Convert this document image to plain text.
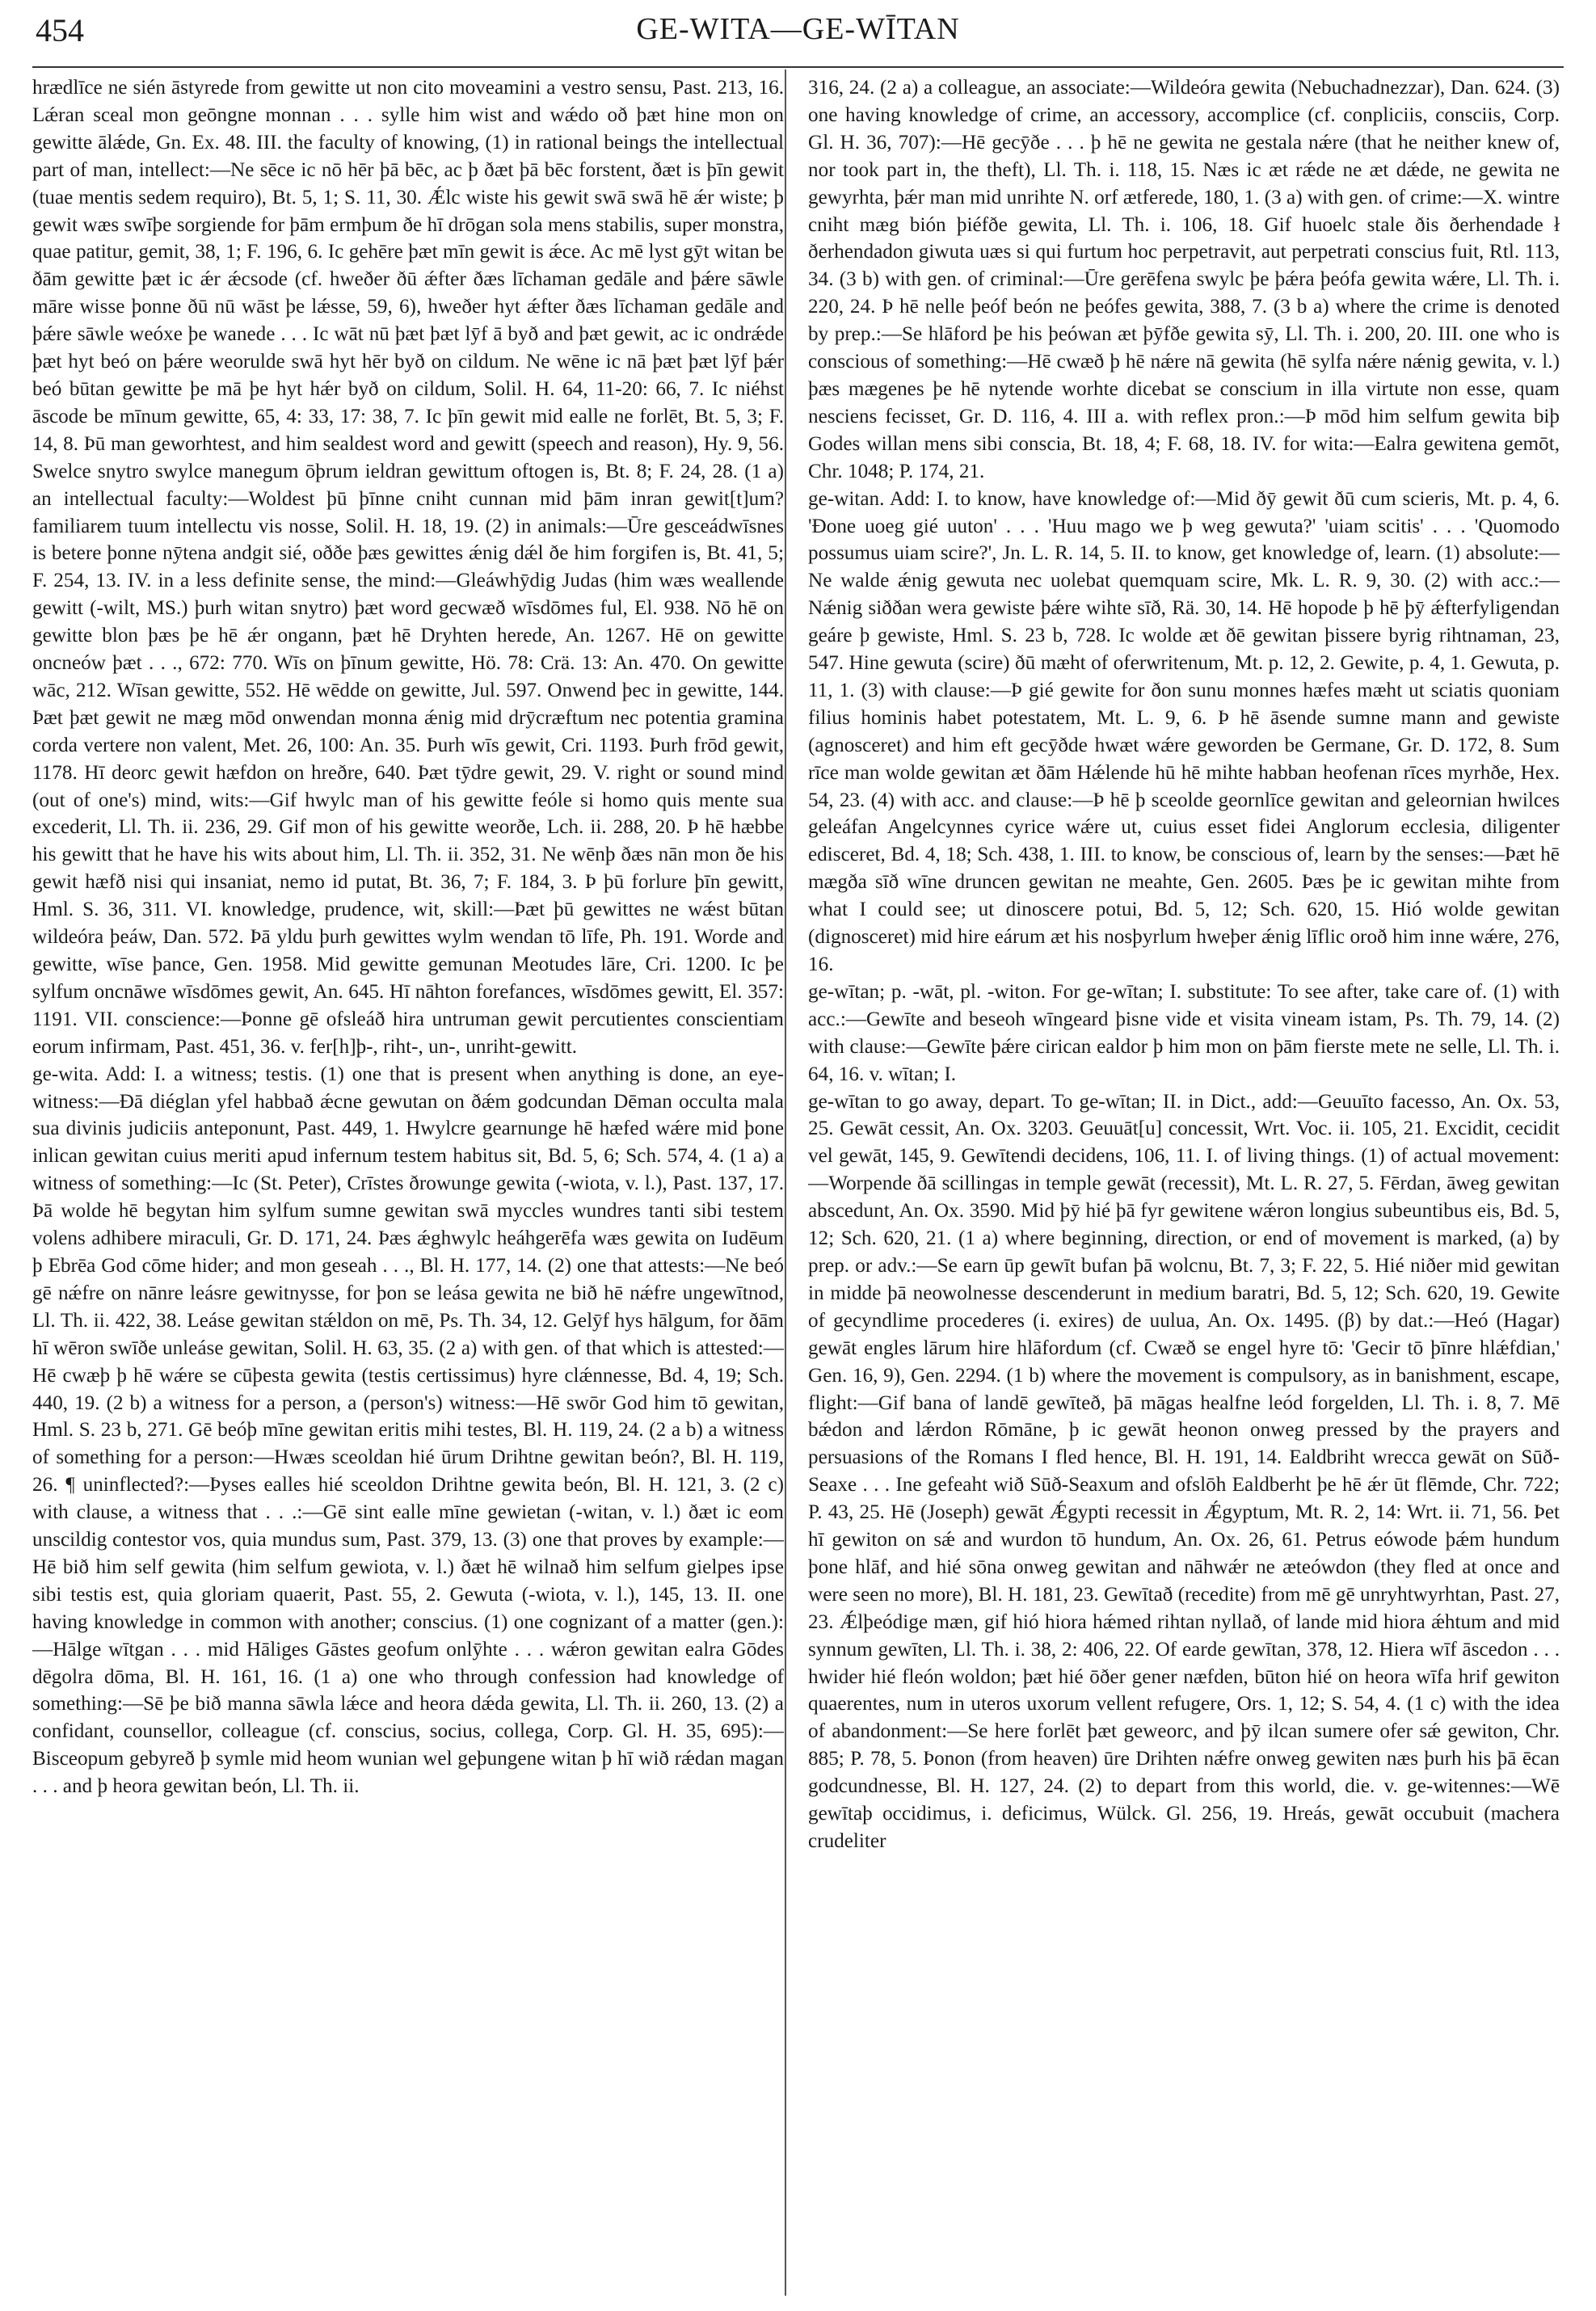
454	GE-WITA—GE-WĪTAN

hrædlīce ne sién āstyrede from gewitte ut non cito moveamini a vestro sensu, Past. 213, 16. Lǽran sceal mon geōngne monnan . . . sylle him wist and wǽdo oð þæt hine mon on gewitte ālǽde, Gn. Ex. 48. III. the faculty of knowing, (1) in rational beings the intellectual part of man, intellect:—Ne sēce ic nō hēr þā bēc, ac þ ðæt þā bēc forstent, ðæt is þīn gewit (tuae mentis sedem requiro), Bt. 5, 1; S. 11, 30. Ǽlc wiste his gewit swā swā hē ǽr wiste; þ gewit wæs swīþe sorgiende for þām ermþum ðe hī drōgan sola mens stabilis, super monstra, quae patitur, gemit, 38, 1; F. 196, 6. Ic gehēre þæt mīn gewit is ǽce. Ac mē lyst gȳt witan be ðām gewitte þæt ic ǽr ǽcsode (cf. hweðer ðū ǽfter ðæs līchaman gedāle and þǽre sāwle māre wisse þonne ðū nū wāst þe lǽsse, 59, 6), hweðer hyt ǽfter ðæs līchaman gedāle and þǽre sāwle weóxe þe wanede . . . Ic wāt nū þæt þæt lȳf ā byð and þæt gewit, ac ic ondrǽde þæt hyt beó on þǽre weorulde swā hyt hēr byð on cildum. Ne wēne ic nā þæt þæt lȳf þǽr beó būtan gewitte þe mā þe hyt hǽr byð on cildum, Solil. H. 64, 11-20: 66, 7. Ic niéhst āscode be mīnum gewitte, 65, 4: 33, 17: 38, 7. Ic þīn gewit mid ealle ne forlēt, Bt. 5, 3; F. 14, 8. Þū man geworhtest, and him sealdest word and gewitt (speech and reason), Hy. 9, 56. Swelce snytro swylce manegum ōþrum ieldran gewittum oftogen is, Bt. 8; F. 24, 28. (1 a) an intellectual faculty:—Woldest þū þīnne cniht cunnan mid þām inran gewit[t]um? familiarem tuum intellectu vis nosse, Solil. H. 18, 19. (2) in animals:—Ūre gesceádwīsnes is betere þonne nȳtena andgit sié, oððe þæs gewittes ǽnig dǽl ðe him forgifen is, Bt. 41, 5; F. 254, 13. IV. in a less definite sense, the mind:—Gleáwhȳdig Judas (him wæs weallende gewitt (-wilt, MS.) þurh witan snytro) þæt word gecwæð wīsdōmes ful, El. 938. Nō hē on gewitte blon þæs þe hē ǽr ongann, þæt hē Dryhten herede, An. 1267. Hē on gewitte oncneów þæt . . ., 672: 770. Wīs on þīnum gewitte, Hö. 78: Crä. 13: An. 470. On gewitte wāc, 212. Wīsan gewitte, 552. Hē wēdde on gewitte, Jul. 597. Onwend þec in gewitte, 144. Þæt þæt gewit ne mæg mōd onwendan monna ǽnig mid drȳcræftum nec potentia gramina corda vertere non valent, Met. 26, 100: An. 35. Þurh wīs gewit, Cri. 1193. Þurh frōd gewit, 1178. Hī deorc gewit hæfdon on hreðre, 640. Þæt tȳdre gewit, 29. V. right or sound mind (out of one's) mind, wits:—Gif hwylc man of his gewitte feóle si homo quis mente sua excederit, Ll. Th. ii. 236, 29. Gif mon of his gewitte weorðe, Lch. ii. 288, 20. Þ hē hæbbe his gewitt that he have his wits about him, Ll. Th. ii. 352, 31. Ne wēnþ ðæs nān mon ðe his gewit hæfð nisi qui insaniat, nemo id putat, Bt. 36, 7; F. 184, 3. Þ þū forlure þīn gewitt, Hml. S. 36, 311. VI. knowledge, prudence, wit, skill:—Þæt þū gewittes ne wǽst būtan wildeóra þeáw, Dan. 572. Þā yldu þurh gewittes wylm wendan tō līfe, Ph. 191. Worde and gewitte, wīse þance, Gen. 1958. Mid gewitte gemunan Meotudes lāre, Cri. 1200. Ic þe sylfum oncnāwe wīsdōmes gewit, An. 645. Hī nāhton forefances, wīsdōmes gewitt, El. 357: 1191. VII. conscience:—Þonne gē ofsleáð hira untruman gewit percutientes conscientiam eorum infirmam, Past. 451, 36. v. fer[h]þ-, riht-, un-, unriht-gewitt.

ge-wita. Add: I. a witness; testis. (1) one that is present when anything is done, an eye-witness:—Ðā diéglan yfel habbað ǽcne gewutan on ðǽm godcundan Dēman occulta mala sua divinis judiciis anteponunt, Past. 449, 1. Hwylcre gearnunge hē hæfed wǽre mid þone inlican gewitan cuius meriti apud infernum testem habitus sit, Bd. 5, 6; Sch. 574, 4. (1 a) a witness of something:—Ic (St. Peter), Crīstes ðrowunge gewita (-wiota, v. l.), Past. 137, 17. Þā wolde hē begytan him sylfum sumne gewitan swā myccles wundres tanti sibi testem volens adhibere miraculi, Gr. D. 171, 24. Þæs ǽghwylc heáhgerēfa wæs gewita on Iudēum þ Ebrēa God cōme hider; and mon geseah . . ., Bl. H. 177, 14. (2) one that attests:—Ne beó gē nǽfre on nānre leásre gewitnysse, for þon se leása gewita ne bið hē nǽfre ungewītnod, Ll. Th. ii. 422, 38. Leáse gewitan stǽldon on mē, Ps. Th. 34, 12. Gelȳf hys hālgum, for ðām hī wēron swīðe unleáse gewitan, Solil. H. 63, 35. (2 a) with gen. of that which is attested:—Hē cwæþ þ hē wǽre se cūþesta gewita (testis certissimus) hyre clǽnnesse, Bd. 4, 19; Sch. 440, 19. (2 b) a witness for a person, a (person's) witness:—Hē swōr God him tō gewitan, Hml. S. 23 b, 271. Gē beóþ mīne gewitan eritis mihi testes, Bl. H. 119, 24. (2 a b) a witness of something for a person:—Hwæs sceoldan hié ūrum Drihtne gewitan beón?, Bl. H. 119, 26. ¶ uninflected?:—Þyses ealles hié sceoldon Drihtne gewita beón, Bl. H. 121, 3. (2 c) with clause, a witness that . . .:—Gē sint ealle mīne gewietan (-witan, v. l.) ðæt ic eom unscildig contestor vos, quia mundus sum, Past. 379, 13. (3) one that proves by example:—Hē bið him self gewita (him selfum gewiota, v. l.) ðæt hē wilnað him selfum gielpes ipse sibi testis est, quia gloriam quaerit, Past. 55, 2. Gewuta (-wiota, v. l.), 145, 13. II. one having knowledge in common with another; conscius. (1) one cognizant of a matter (gen.):—Hālge wītgan . . . mid Hāliges Gāstes geofum onlȳhte . . . wǽron gewitan ealra Gōdes dēgolra dōma, Bl. H. 161, 16. (1 a) one who through confession had knowledge of something:—Sē þe bið manna sāwla lǽce and heora dǽda gewita, Ll. Th. ii. 260, 13. (2) a confidant, counsellor, colleague (cf. conscius, socius, collega, Corp. Gl. H. 35, 695):—Bisceopum gebyreð þ symle mid heom wunian wel geþungene witan þ hī wið rǽdan magan . . . and þ heora gewitan beón, Ll. Th. ii.

316, 24. (2 a) a colleague, an associate:—Wildeóra gewita (Nebuchadnezzar), Dan. 624. (3) one having knowledge of crime, an accessory, accomplice (cf. conpliciis, consciis, Corp. Gl. H. 36, 707):—Hē gecȳðe . . . þ hē ne gewita ne gestala nǽre (that he neither knew of, nor took part in, the theft), Ll. Th. i. 118, 15. Næs ic æt rǽde ne æt dǽde, ne gewita ne gewyrhta, þǽr man mid unrihte N. orf ætferede, 180, 1. (3 a) with gen. of crime:—X. wintre cniht mæg bión þiéfðe gewita, Ll. Th. i. 106, 18. Gif huoelc stale ðis ðerhendade ł ðerhendadon giwuta uæs si qui furtum hoc perpetravit, aut perpetrati conscius fuit, Rtl. 113, 34. (3 b) with gen. of criminal:—Ūre gerēfena swylc þe þǽra þeófa gewita wǽre, Ll. Th. i. 220, 24. Þ hē nelle þeóf beón ne þeófes gewita, 388, 7. (3 b a) where the crime is denoted by prep.:—Se hlāford þe his þeówan æt þȳfðe gewita sȳ, Ll. Th. i. 200, 20. III. one who is conscious of something:—Hē cwæð þ hē nǽre nā gewita (hē sylfa nǽre nǽnig gewita, v. l.) þæs mægenes þe hē nytende worhte dicebat se conscium in illa virtute non esse, quam nesciens fecisset, Gr. D. 116, 4. III a. with reflex pron.:—Þ mōd him selfum gewita biþ Godes willan mens sibi conscia, Bt. 18, 4; F. 68, 18. IV. for wita:—Ealra gewitena gemōt, Chr. 1048; P. 174, 21.

ge-witan. Add: I. to know, have knowledge of:—Mid ðȳ gewit ðū cum scieris, Mt. p. 4, 6. 'Ðone uoeg gié uuton' . . . 'Huu mago we þ weg gewuta?' 'uiam scitis' . . . 'Quomodo possumus uiam scire?', Jn. L. R. 14, 5. II. to know, get knowledge of, learn. (1) absolute:—Ne walde ǽnig gewuta nec uolebat quemquam scire, Mk. L. R. 9, 30. (2) with acc.:—Nǽnig siððan wera gewiste þǽre wihte sīð, Rä. 30, 14. Hē hopode þ hē þȳ ǽfterfyligendan geáre þ gewiste, Hml. S. 23 b, 728. Ic wolde æt ðē gewitan þissere byrig rihtnaman, 23, 547. Hine gewuta (scire) ðū mæht of oferwritenum, Mt. p. 12, 2. Gewite, p. 4, 1. Gewuta, p. 11, 1. (3) with clause:—Þ gié gewite for ðon sunu monnes hæfes mæht ut sciatis quoniam filius hominis habet potestatem, Mt. L. 9, 6. Þ hē āsende sumne mann and gewiste (agnosceret) and him eft gecȳðde hwæt wǽre geworden be Germane, Gr. D. 172, 8. Sum rīce man wolde gewitan æt ðām Hǽlende hū hē mihte habban heofenan rīces myrhðe, Hex. 54, 23. (4) with acc. and clause:—Þ hē þ sceolde geornlīce gewitan and geleornian hwilces geleáfan Angelcynnes cyrice wǽre ut, cuius esset fidei Anglorum ecclesia, diligenter edisceret, Bd. 4, 18; Sch. 438, 1. III. to know, be conscious of, learn by the senses:—Þæt hē mægða sīð wīne druncen gewitan ne meahte, Gen. 2605. Þæs þe ic gewitan mihte from what I could see; ut dinoscere potui, Bd. 5, 12; Sch. 620, 15. Hió wolde gewitan (dignosceret) mid hire eárum æt his nosþyrlum hweþer ǽnig līflic oroð him inne wǽre, 276, 16.

ge-wītan; p. -wāt, pl. -witon. For ge-wītan; I. substitute: To see after, take care of. (1) with acc.:—Gewīte and beseoh wīngeard þisne vide et visita vineam istam, Ps. Th. 79, 14. (2) with clause:—Gewīte þǽre cirican ealdor þ him mon on þām fierste mete ne selle, Ll. Th. i. 64, 16. v. wītan; I.

ge-wītan to go away, depart. To ge-wītan; II. in Dict., add:—Geuuīto facesso, An. Ox. 53, 25. Gewāt cessit, An. Ox. 3203. Geuuāt[u] concessit, Wrt. Voc. ii. 105, 21. Excidit, cecidit vel gewāt, 145, 9. Gewītendi decidens, 106, 11. I. of living things. (1) of actual movement:—Worpende ðā scillingas in temple gewāt (recessit), Mt. L. R. 27, 5. Fērdan, āweg gewitan abscedunt, An. Ox. 3590. Mid þȳ hié þā fyr gewitene wǽron longius subeuntibus eis, Bd. 5, 12; Sch. 620, 21. (1 a) where beginning, direction, or end of movement is marked, (a) by prep. or adv.:—Se earn ūp gewīt bufan þā wolcnu, Bt. 7, 3; F. 22, 5. Hié niðer mid gewitan in midde þā neowolnesse descenderunt in medium baratri, Bd. 5, 12; Sch. 620, 19. Gewite of gecyndlime procederes (i. exires) de uulua, An. Ox. 1495. (β) by dat.:—Heó (Hagar) gewāt engles lārum hire hlāfordum (cf. Cwæð se engel hyre tō: 'Gecir tō þīnre hlǽfdian,' Gen. 16, 9), Gen. 2294. (1 b) where the movement is compulsory, as in banishment, escape, flight:—Gif bana of landē gewīteð, þā māgas healfne leód forgelden, Ll. Th. i. 8, 7. Mē bǽdon and lǽrdon Rōmāne, þ ic gewāt heonon onweg pressed by the prayers and persuasions of the Romans I fled hence, Bl. H. 191, 14. Ealdbriht wrecca gewāt on Sūð-Seaxe . . . Ine gefeaht wið Sūð-Seaxum and ofslōh Ealdberht þe hē ǽr ūt flēmde, Chr. 722; P. 43, 25. Hē (Joseph) gewāt Ǽgypti recessit in Ǽgyptum, Mt. R. 2, 14: Wrt. ii. 71, 56. Þet hī gewiton on sǽ and wurdon tō hundum, An. Ox. 26, 61. Petrus eówode þǽm hundum þone hlāf, and hié sōna onweg gewitan and nāhwǽr ne æteówdon (they fled at once and were seen no more), Bl. H. 181, 23. Gewītað (recedite) from mē gē unryhtwyrhtan, Past. 27, 23. Ǽlþeódige mæn, gif hió hiora hǽmed rihtan nyllað, of lande mid hiora ǽhtum and mid synnum gewīten, Ll. Th. i. 38, 2: 406, 22. Of earde gewītan, 378, 12. Hiera wīf āscedon . . . hwider hié fleón woldon; þæt hié ōðer gener næfden, būton hié on heora wīfa hrif gewiton quaerentes, num in uteros uxorum vellent refugere, Ors. 1, 12; S. 54, 4. (1 c) with the idea of abandonment:—Se here forlēt þæt geweorc, and þȳ ilcan sumere ofer sǽ gewiton, Chr. 885; P. 78, 5. Þonon (from heaven) ūre Drihten nǽfre onweg gewiten næs þurh his þā ēcan godcundnesse, Bl. H. 127, 24. (2) to depart from this world, die. v. ge-witennes:—Wē gewītaþ occidimus, i. deficimus, Wülck. Gl. 256, 19. Hreás, gewāt occubuit (machera crudeliter
